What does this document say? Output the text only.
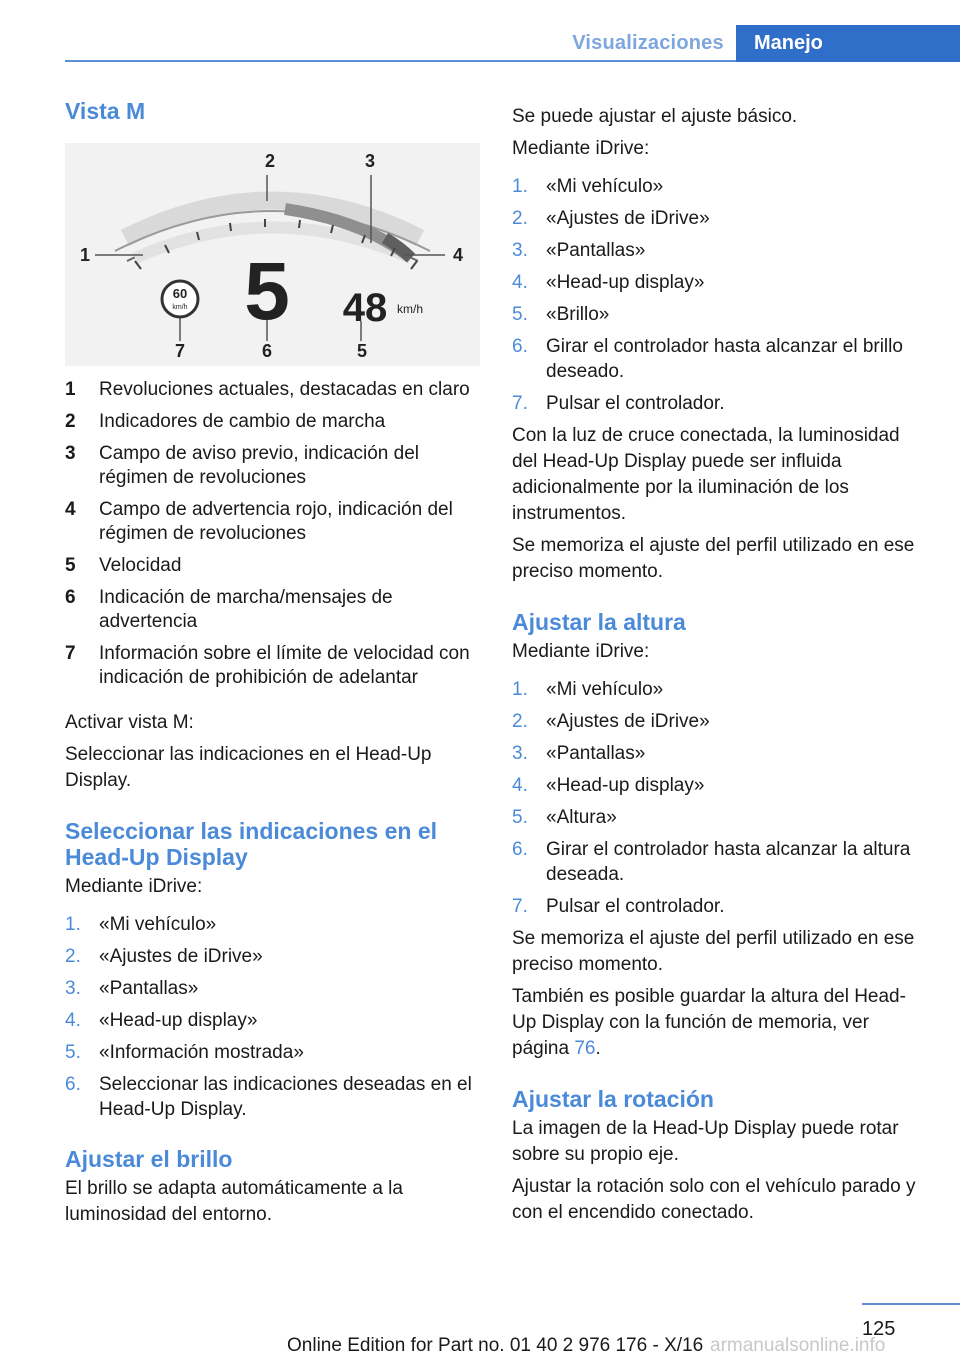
Visualizaciones	Manejo
Vista M
60
km/h 5 48 km/h
1
2	3
4
5
6
7
1	Revoluciones actuales, destacadas en claro
2	Indicadores de cambio de marcha
3	Campo de aviso previo, indicación del régimen de revoluciones
4	Campo de advertencia rojo, indicación del régimen de revoluciones
5	Velocidad
6	Indicación de marcha/mensajes de advertencia
7	Información sobre el límite de velocidad con indicación de prohibición de adelantar

Activar vista M:

Seleccionar las indicaciones en el Head-Up Display.

Seleccionar las indicaciones en el Head-Up Display

Mediante iDrive:

1. «Mi vehículo»
2. «Ajustes de iDrive»
3. «Pantallas»
4. «Head-up display»
5. «Información mostrada»
6. Seleccionar las indicaciones deseadas en el Head-Up Display.
Ajustar el brillo

El brillo se adapta automáticamente a la luminosidad del entorno.

Se puede ajustar el ajuste básico.

Mediante iDrive:

1. «Mi vehículo»
2. «Ajustes de iDrive»
3. «Pantallas»
4. «Head-up display»
5. «Brillo»
6. Girar el controlador hasta alcanzar el brillo deseado.
7. Pulsar el controlador.

Con la luz de cruce conectada, la luminosidad del Head-Up Display puede ser influida adicionalmente por la iluminación de los instrumentos.

Se memoriza el ajuste del perfil utilizado en ese preciso momento.

Ajustar la altura

Mediante iDrive:

1. «Mi vehículo»
2. «Ajustes de iDrive»
3. «Pantallas»
4. «Head-up display»
5. «Altura»
6. Girar el controlador hasta alcanzar la altura deseada.
7. Pulsar el controlador.

Se memoriza el ajuste del perfil utilizado en ese preciso momento.

También es posible guardar la altura del Head-Up Display con la función de memoria, ver página 76.

Ajustar la rotación

La imagen de la Head-Up Display puede rotar sobre su propio eje.

Ajustar la rotación solo con el vehículo parado y con el encendido conectado.

125
Online Edition for Part no. 01 40 2 976 176 - X/16 armanualsonline.info
